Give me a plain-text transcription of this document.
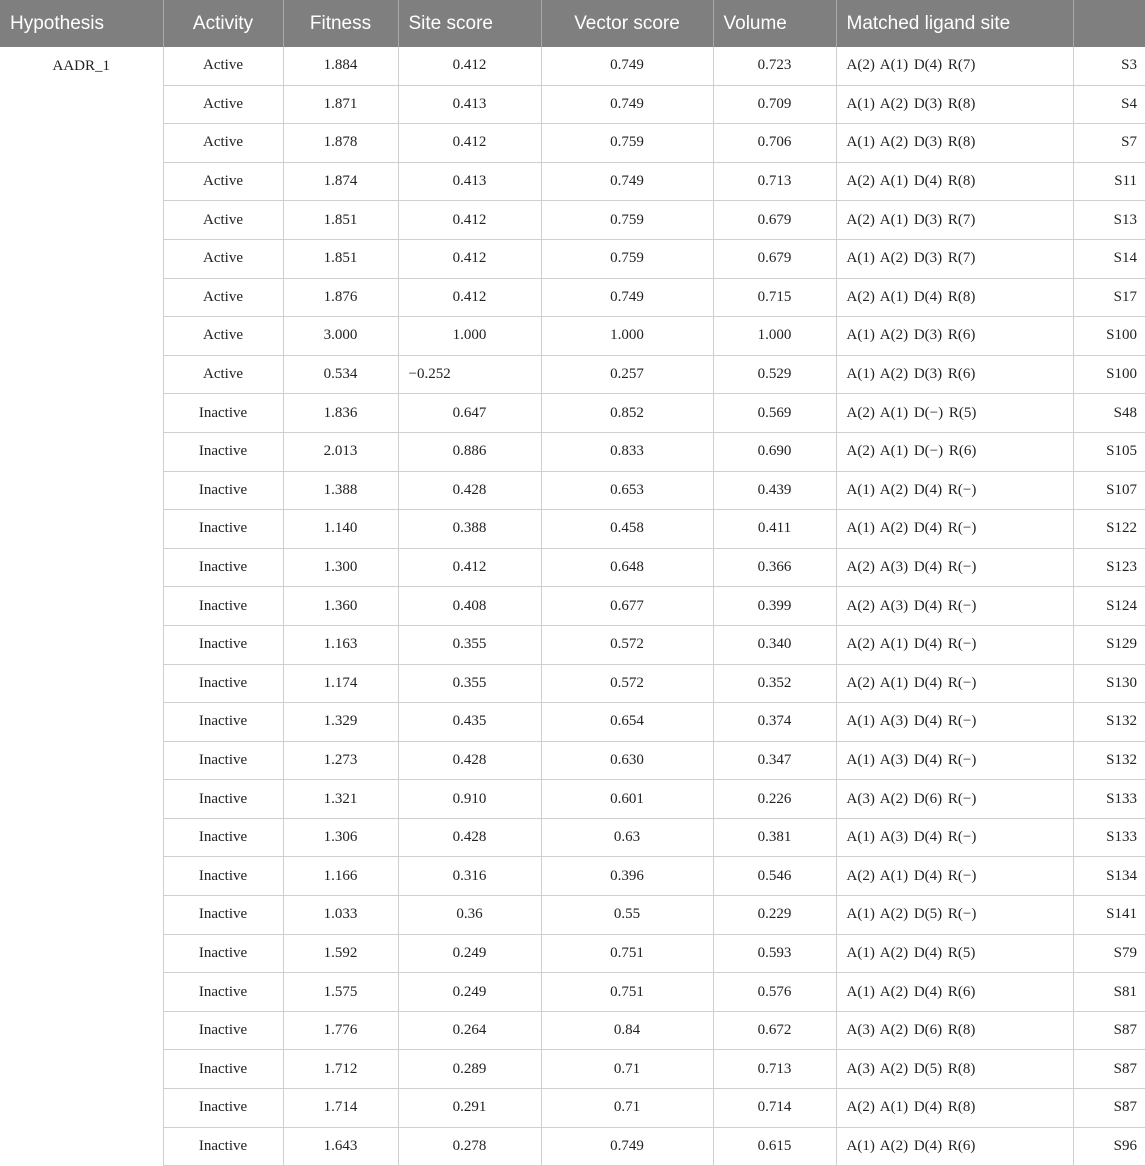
Hypothesis	Activity	Fitness	Site score	Vector score	Volume	Matched ligand site	
AADR_1	Active	1.884	0.412	0.749	0.723	A(2) A(1) D(4) R(7)	S3
	Active	1.871	0.413	0.749	0.709	A(1) A(2) D(3) R(8)	S4
	Active	1.878	0.412	0.759	0.706	A(1) A(2) D(3) R(8)	S7
	Active	1.874	0.413	0.749	0.713	A(2) A(1) D(4) R(8)	S11
	Active	1.851	0.412	0.759	0.679	A(2) A(1) D(3) R(7)	S13
	Active	1.851	0.412	0.759	0.679	A(1) A(2) D(3) R(7)	S14
	Active	1.876	0.412	0.749	0.715	A(2) A(1) D(4) R(8)	S17
	Active	3.000	1.000	1.000	1.000	A(1) A(2) D(3) R(6)	S100
	Active	0.534	−0.252	0.257	0.529	A(1) A(2) D(3) R(6)	S100
	Inactive	1.836	0.647	0.852	0.569	A(2) A(1) D(−) R(5)	S48
	Inactive	2.013	0.886	0.833	0.690	A(2) A(1) D(−) R(6)	S105
	Inactive	1.388	0.428	0.653	0.439	A(1) A(2) D(4) R(−)	S107
	Inactive	1.140	0.388	0.458	0.411	A(1) A(2) D(4) R(−)	S122
	Inactive	1.300	0.412	0.648	0.366	A(2) A(3) D(4) R(−)	S123
	Inactive	1.360	0.408	0.677	0.399	A(2) A(3) D(4) R(−)	S124
	Inactive	1.163	0.355	0.572	0.340	A(2) A(1) D(4) R(−)	S129
	Inactive	1.174	0.355	0.572	0.352	A(2) A(1) D(4) R(−)	S130
	Inactive	1.329	0.435	0.654	0.374	A(1) A(3) D(4) R(−)	S132
	Inactive	1.273	0.428	0.630	0.347	A(1) A(3) D(4) R(−)	S132
	Inactive	1.321	0.910	0.601	0.226	A(3) A(2) D(6) R(−)	S133
	Inactive	1.306	0.428	0.63	0.381	A(1) A(3) D(4) R(−)	S133
	Inactive	1.166	0.316	0.396	0.546	A(2) A(1) D(4) R(−)	S134
	Inactive	1.033	0.36	0.55	0.229	A(1) A(2) D(5) R(−)	S141
	Inactive	1.592	0.249	0.751	0.593	A(1) A(2) D(4) R(5)	S79
	Inactive	1.575	0.249	0.751	0.576	A(1) A(2) D(4) R(6)	S81
	Inactive	1.776	0.264	0.84	0.672	A(3) A(2) D(6) R(8)	S87
	Inactive	1.712	0.289	0.71	0.713	A(3) A(2) D(5) R(8)	S87
	Inactive	1.714	0.291	0.71	0.714	A(2) A(1) D(4) R(8)	S87
	Inactive	1.643	0.278	0.749	0.615	A(1) A(2) D(4) R(6)	S96
